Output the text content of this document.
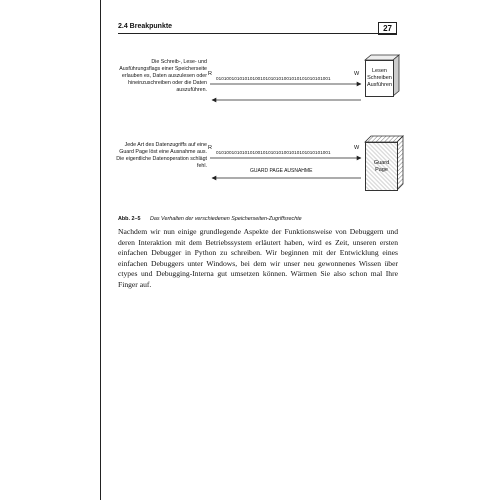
2.4 Breakpunkte	27
Die Schreib-, Lese- und Ausführungsflags einer Speicherseite erlauben es, Daten auszulesen oder hineinzuschreiben oder die Daten auszuführen.
R	W
01010010101010100101010101001010101010101001
Lesen
Schreiben
Ausführen
Jede Art des Datenzugriffs auf eine Guard Page löst eine Ausnahme aus. Die eigentliche Datenoperation schlägt fehl.
R	W
01010010101010100101010101001010101010101001
GUARD PAGE AUSNAHME
Guard
Page
Abb. 2–5 Das Verhalten der verschiedenen Speicherseiten-Zugriffsrechte
Nachdem wir nun einige grundlegende Aspekte der Funktionsweise von Debuggern und deren Interaktion mit dem Betriebssystem erläutert haben, wird es Zeit, unseren ersten einfachen Debugger in Python zu schreiben. Wir beginnen mit der Entwicklung eines einfachen Debuggers unter Windows, bei dem wir unser neu gewonnenes Wissen über ctypes und Debugging-Interna gut umsetzen können. Wärmen Sie also schon mal Ihre Finger auf.
